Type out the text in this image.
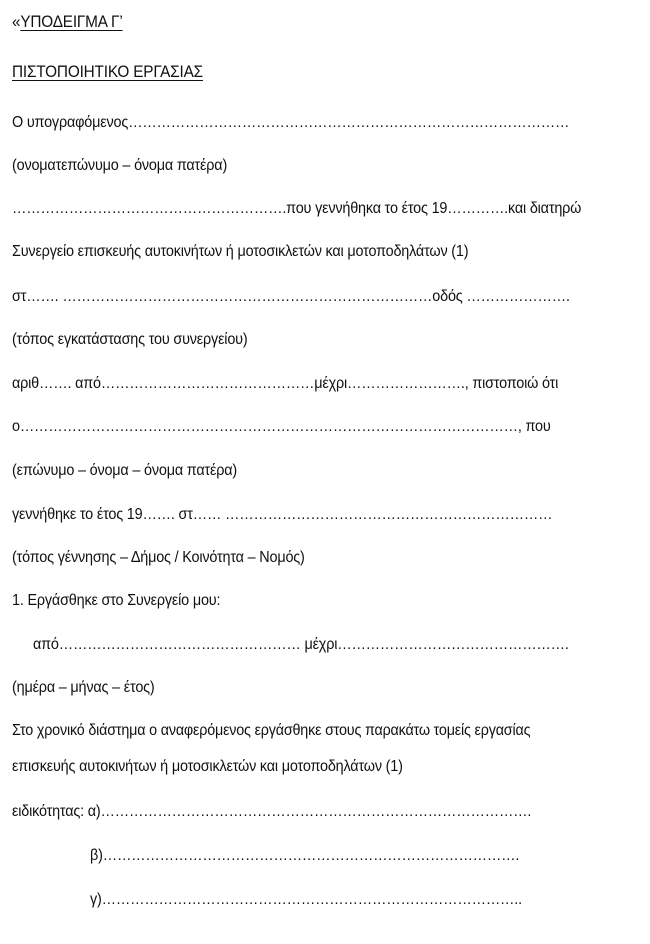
«ΥΠΟΔΕΙΓΜΑ Γ’
ΠΙΣΤΟΠΟΙΗΤΙΚΟ ΕΡΓΑΣΙΑΣ
Ο υπογραφόμενος…………………………………………………………………………………
(ονοματεπώνυμο – όνομα πατέρα)
………………………………………………….που γεννήθηκα το έτος 19………….και διατηρώ
Συνεργείο επισκευής αυτοκινήτων ή μοτοσικλετών και μοτοποδηλάτων (1)
στ……. ……………………………………………………………………οδός ………………….
(τόπος εγκατάστασης του συνεργείου)
αριθ……. από………………………………………μέχρι……………………., πιστοποιώ ότι
ο……………………………………………………………………………………………, που
(επώνυμο – όνομα – όνομα πατέρα)
γεννήθηκε το έτος 19……. στ…… ……………………………………………………………
(τόπος γέννησης – Δήμος / Κοινότητα – Νομός)
1. Εργάσθηκε στο Συνεργείο μου:
από…………………………………………… μέχρι………………………………………….
(ημέρα – μήνας – έτος)
Στο χρονικό διάστημα ο αναφερόμενος εργάσθηκε στους παρακάτω τομείς εργασίας
επισκευής αυτοκινήτων ή μοτοσικλετών και μοτοποδηλάτων (1)
ειδικότητας: α)……………………………………………………………………………….
β)…………………………………………………………………………….
γ)……………………………………………………………………………..
